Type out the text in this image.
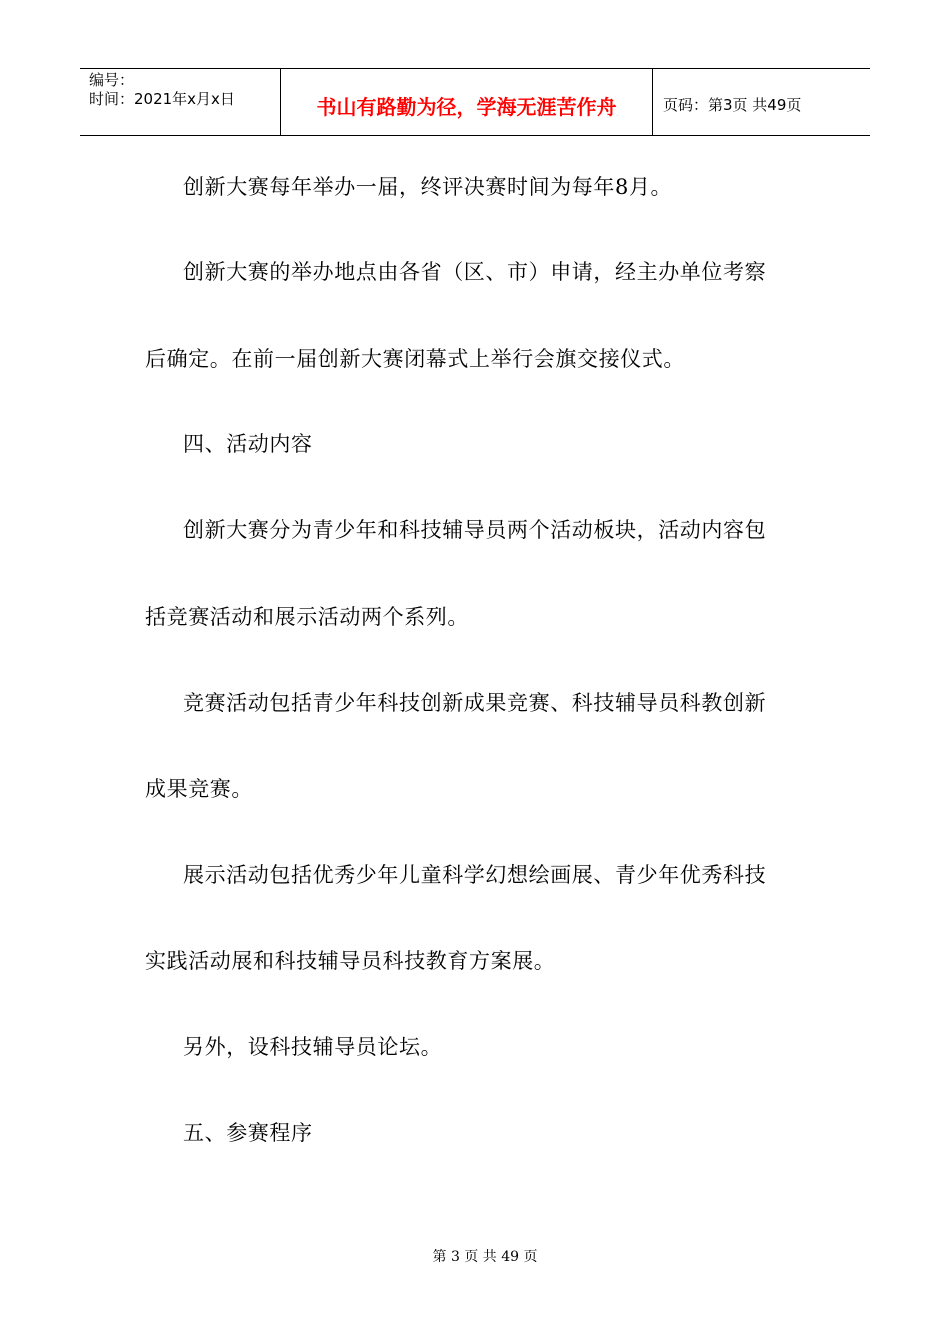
编号：
时间：2021年x月x日	书山有路勤为径，学海无涯苦作舟	页码：第3页 共49页
创新大赛每年举办一届，终评决赛时间为每年8月。
创新大赛的举办地点由各省（区、市）申请，经主办单位考察
后确定。在前一届创新大赛闭幕式上举行会旗交接仪式。
四、活动内容
创新大赛分为青少年和科技辅导员两个活动板块，活动内容包
括竞赛活动和展示活动两个系列。
竞赛活动包括青少年科技创新成果竞赛、科技辅导员科教创新
成果竞赛。
展示活动包括优秀少年儿童科学幻想绘画展、青少年优秀科技
实践活动展和科技辅导员科技教育方案展。
另外，设科技辅导员论坛。
五、参赛程序
第 3 页 共 49 页
